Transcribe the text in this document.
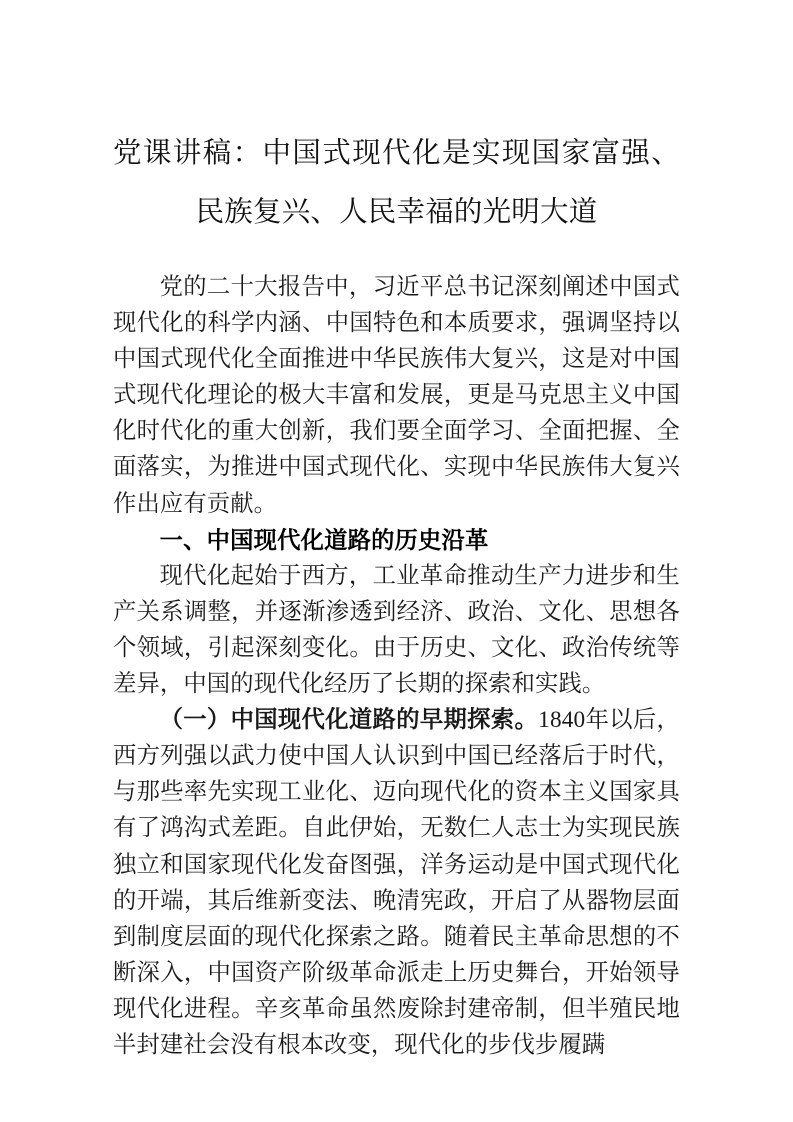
党课讲稿：中国式现代化是实现国家富强、
民族复兴、人民幸福的光明大道

党的二十大报告中，习近平总书记深刻阐述中国式现代化的科学内涵、中国特色和本质要求，强调坚持以中国式现代化全面推进中华民族伟大复兴，这是对中国式现代化理论的极大丰富和发展，更是马克思主义中国化时代化的重大创新，我们要全面学习、全面把握、全面落实，为推进中国式现代化、实现中华民族伟大复兴作出应有贡献。

一、中国现代化道路的历史沿革

现代化起始于西方，工业革命推动生产力进步和生产关系调整，并逐渐渗透到经济、政治、文化、思想各个领域，引起深刻变化。由于历史、文化、政治传统等差异，中国的现代化经历了长期的探索和实践。

（一）中国现代化道路的早期探索。1840年以后，西方列强以武力使中国人认识到中国已经落后于时代，与那些率先实现工业化、迈向现代化的资本主义国家具有了鸿沟式差距。自此伊始，无数仁人志士为实现民族独立和国家现代化发奋图强，洋务运动是中国式现代化的开端，其后维新变法、晚清宪政，开启了从器物层面到制度层面的现代化探索之路。随着民主革命思想的不断深入，中国资产阶级革命派走上历史舞台，开始领导现代化进程。辛亥革命虽然废除封建帝制，但半殖民地半封建社会没有根本改变，现代化的步伐步履蹒
